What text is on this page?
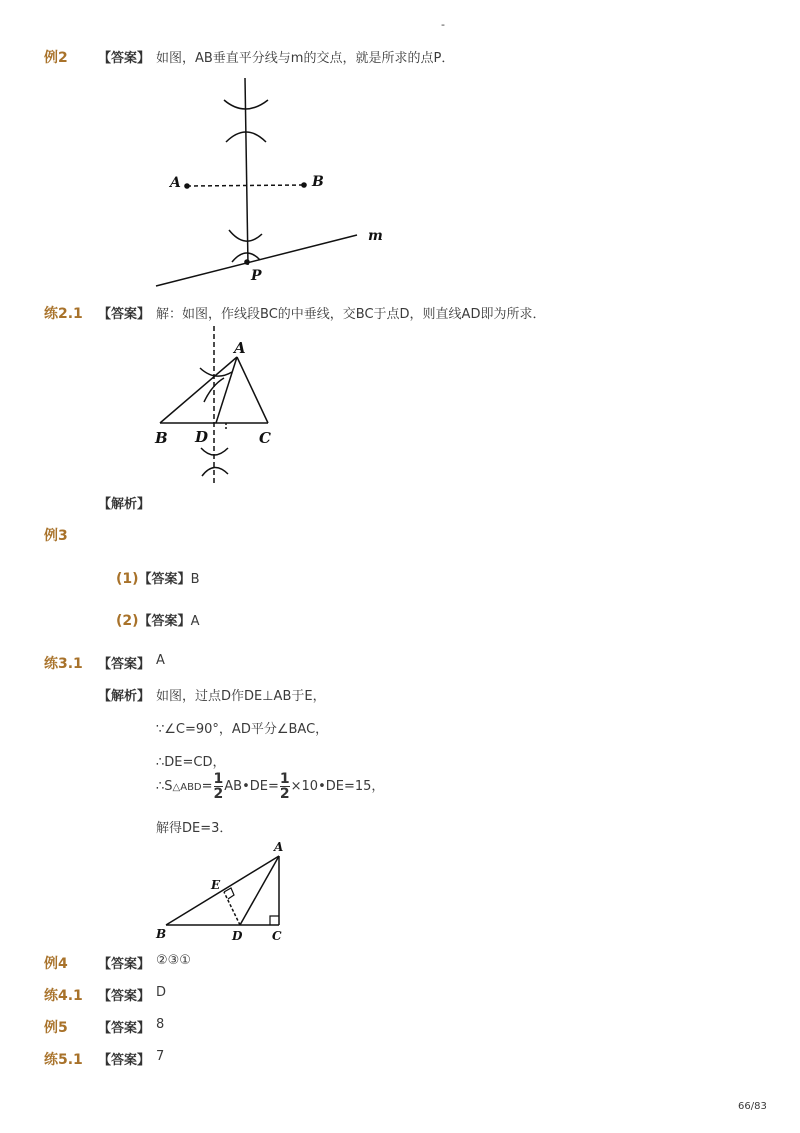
-
例2 【答案】 如图，AB垂直平分线与m的交点，就是所求的点P．
A	B
m
P
练2.1 【答案】 解：如图，作线段BC的中垂线，交BC于点D，则直线AD即为所求．
A
B	C
D
【解析】
例3
(1)【答案】B
(2)【答案】A
练3.1 【答案】 A
【解析】 如图，过点D作DE⊥AB于E，
∵∠C=90°，AD平分∠BAC，
∴DE=CD，
∴S△ABD= $\frac{1}{2}$ AB•DE= $\frac{1}{2}$ ×10•DE=15，
解得DE=3．
A
B	C
D
E
例4 【答案】 ②③①
练4.1 【答案】 D
例5 【答案】 8
练5.1 【答案】 7
66/83
